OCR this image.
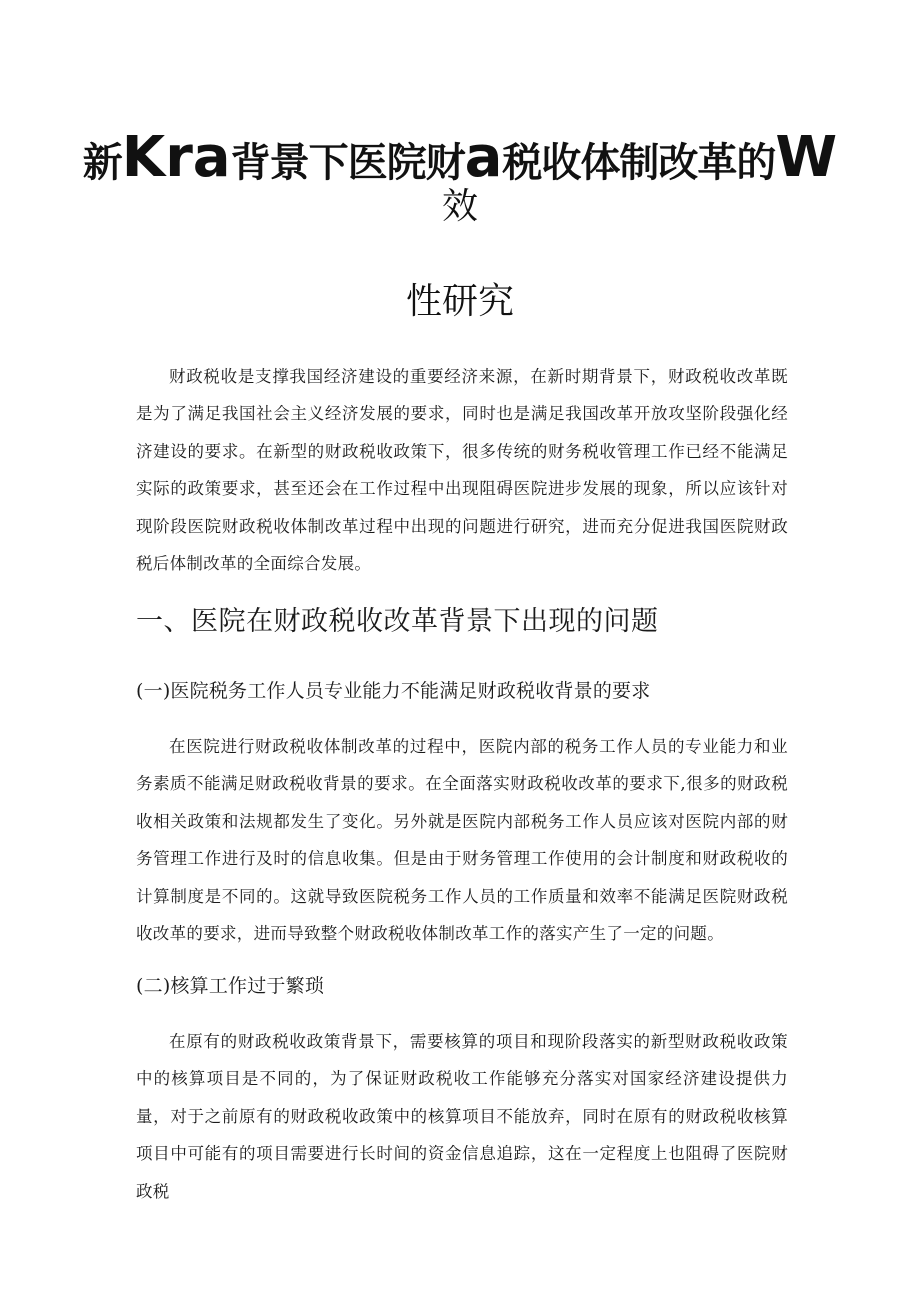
新Kra背景下医院财a税收体制改革的W
效
性研究

财政税收是支撑我国经济建设的重要经济来源，在新时期背景下，财政税收改革既是为了满足我国社会主义经济发展的要求，同时也是满足我国改革开放攻坚阶段强化经济建设的要求。在新型的财政税收政策下，很多传统的财务税收管理工作已经不能满足实际的政策要求，甚至还会在工作过程中出现阻碍医院进步发展的现象，所以应该针对现阶段医院财政税收体制改革过程中出现的问题进行研究，进而充分促进我国医院财政税后体制改革的全面综合发展。

一、医院在财政税收改革背景下出现的问题
(一)医院税务工作人员专业能力不能满足财政税收背景的要求

在医院进行财政税收体制改革的过程中，医院内部的税务工作人员的专业能力和业务素质不能满足财政税收背景的要求。在全面落实财政税收改革的要求下,很多的财政税收相关政策和法规都发生了变化。另外就是医院内部税务工作人员应该对医院内部的财务管理工作进行及时的信息收集。但是由于财务管理工作使用的会计制度和财政税收的计算制度是不同的。这就导致医院税务工作人员的工作质量和效率不能满足医院财政税收改革的要求，进而导致整个财政税收体制改革工作的落实产生了一定的问题。

(二)核算工作过于繁琐

在原有的财政税收政策背景下，需要核算的项目和现阶段落实的新型财政税收政策中的核算项目是不同的，为了保证财政税收工作能够充分落实对国家经济建设提供力量，对于之前原有的财政税收政策中的核算项目不能放弃，同时在原有的财政税收核算项目中可能有的项目需要进行长时间的资金信息追踪，这在一定程度上也阻碍了医院财政税
